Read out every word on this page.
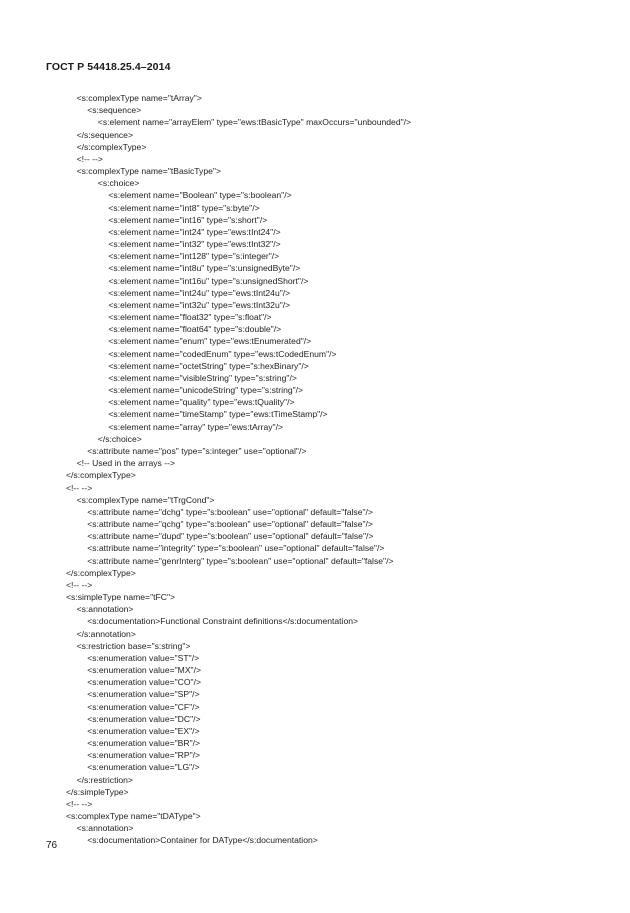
ГОСТ Р 54418.25.4–2014
<s:complexType name="tArray">
<s:sequence>
<s:element name="arrayElem" type="ews:tBasicType" maxOccurs="unbounded"/>
</s:sequence>
</s:complexType>
<!-- -->
<s:complexType name="tBasicType">
<s:choice>
<s:element name="Boolean" type="s:boolean"/>
<s:element name="int8" type="s:byte"/>
<s:element name="int16" type="s:short"/>
<s:element name="int24" type="ews:tInt24"/>
<s:element name="int32" type="ews:tInt32"/>
<s:element name="int128" type="s:integer"/>
<s:element name="int8u" type="s:unsignedByte"/>
<s:element name="int16u" type="s:unsignedShort"/>
<s:element name="int24u" type="ews:tInt24u"/>
<s:element name="int32u" type="ews:tInt32u"/>
<s:element name="float32" type="s:float"/>
<s:element name="float64" type="s:double"/>
<s:element name="enum" type="ews:tEnumerated"/>
<s:element name="codedEnum" type="ews:tCodedEnum"/>
<s:element name="octetString" type="s:hexBinary"/>
<s:element name="visibleString" type="s:string"/>
<s:element name="unicodeString" type="s:string"/>
<s:element name="quality" type="ews:tQuality"/>
<s:element name="timeStamp" type="ews:tTimeStamp"/>
<s:element name="array" type="ews:tArray"/>
</s:choice>
<s:attribute name="pos" type="s:integer" use="optional"/>
<!-- Used in the arrays -->
</s:complexType>
<!-- -->
<s:complexType name="tTrgCond">
<s:attribute name="dchg" type="s:boolean" use="optional" default="false"/>
<s:attribute name="qchg" type="s:boolean" use="optional" default="false"/>
<s:attribute name="dupd" type="s:boolean" use="optional" default="false"/>
<s:attribute name="integrity" type="s:boolean" use="optional" default="false"/>
<s:attribute name="genrInterg" type="s:boolean" use="optional" default="false"/>
</s:complexType>
<!-- -->
<s:simpleType name="tFC">
<s:annotation>
<s:documentation>Functional Constraint definitions</s:documentation>
</s:annotation>
<s:restriction base="s:string">
<s:enumeration value="ST"/>
<s:enumeration value="MX"/>
<s:enumeration value="CO"/>
<s:enumeration value="SP"/>
<s:enumeration value="CF"/>
<s:enumeration value="DC"/>
<s:enumeration value="EX"/>
<s:enumeration value="BR"/>
<s:enumeration value="RP"/>
<s:enumeration value="LG"/>
</s:restriction>
</s:simpleType>
<!-- -->
<s:complexType name="tDAType">
<s:annotation>
<s:documentation>Container for DAType</s:documentation>
76
